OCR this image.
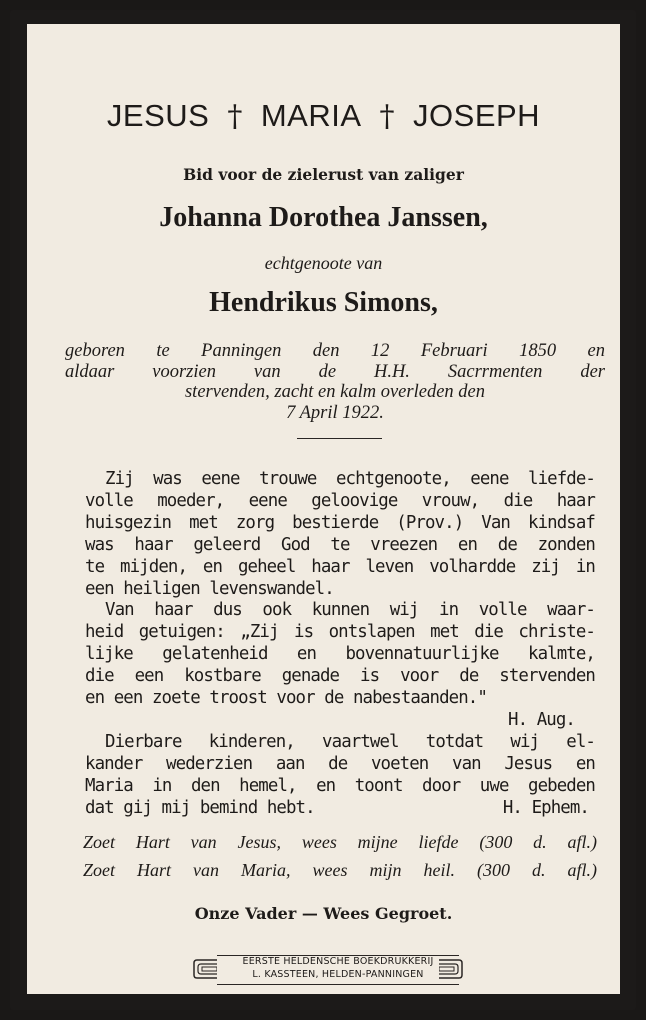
JESUS † MARIA † JOSEPH
Bid voor de zielerust van zaliger
Johanna Dorothea Janssen,
echtgenoote van
Hendrikus Simons,
geboren te Panningen den 12 Februari 1850 en
aldaar voorzien van de H.H. Sacrrmenten der
stervenden, zacht en kalm overleden den
7 April 1922.
Zij was eene trouwe echtgenoote, eene liefde-
volle moeder, eene geloovige vrouw, die haar
huisgezin met zorg bestierde (Prov.) Van kindsaf
was haar geleerd God te vreezen en de zonden
te mijden, en geheel haar leven volhardde zij in
een heiligen levenswandel.
Van haar dus ook kunnen wij in volle waar-
heid getuigen: „Zij is ontslapen met die christe-
lijke gelatenheid en bovennatuurlijke kalmte,
die een kostbare genade is voor de stervenden
en een zoete troost voor de nabestaanden."
H. Aug.
Dierbare kinderen, vaartwel totdat wij el-
kander wederzien aan de voeten van Jesus en
Maria in den hemel, en toont door uwe gebeden
dat gij mij bemind hebt.	H. Ephem.
Zoet Hart van Jesus, wees mijne liefde (300 d. afl.)
Zoet Hart van Maria, wees mijn heil. (300 d. afl.)
Onze Vader — Wees Gegroet.
EERSTE HELDENSCHE BOEKDRUKKERIJ
L. KASSTEEN, HELDEN-PANNINGEN
